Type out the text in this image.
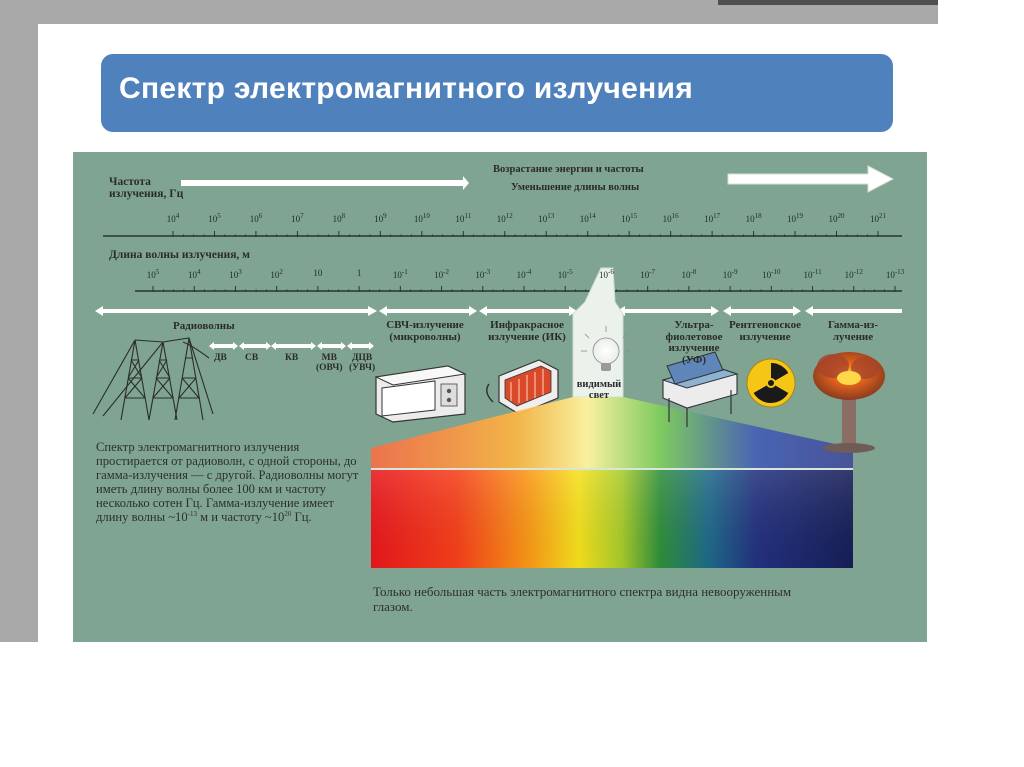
Спектр электромагнитного излучения
Частота
излучения, Гц
Возрастание энергии и частоты
Уменьшение длины волны
Длина волны излучения, м
$10^4$	$10^5$	$10^6$	$10^7$	$10^8$	$10^9$	$10^{10}$	$10^{11}$	$10^{12}$	$10^{13}$	$10^{14}$	$10^{15}$	$10^{16}$	$10^{17}$	$10^{18}$	$10^{19}$	$10^{20}$	$10^{21}$
$10^5$	$10^4$	$10^3$	$10^2$	10	1	$10^{-1}$	$10^{-2}$	$10^{-3}$	$10^{-4}$	$10^{-5}$	$10^{-6}$	$10^{-7}$	$10^{-8}$	$10^{-9}$	$10^{-10}$	$10^{-11}$	$10^{-12}$	$10^{-13}$
Радиоволны	СВЧ-излучение
(микроволны)
Инфракрасное
излучение (ИК)
видимый
свет
Ультра-
фиолетовое
излучение
(УФ)
Рентгеновское
излучение
Гамма-из-
лучение
ДВ СВ	КВ	МВ
(ОВЧ)
ДЦВ
(УВЧ)
Спектр электромагнитного излучения простирается от радиоволн, с одной стороны, до гамма-излучения — с другой. Радиоволны могут иметь длину волны более 100 км и частоту несколько сотен Гц. Гамма-излучение имеет длину волны $\sim 10^{-13}$ м и частоту $\sim 10^{20}$ Гц.
Только небольшая часть электромагнитного спектра видна невооруженным глазом.
